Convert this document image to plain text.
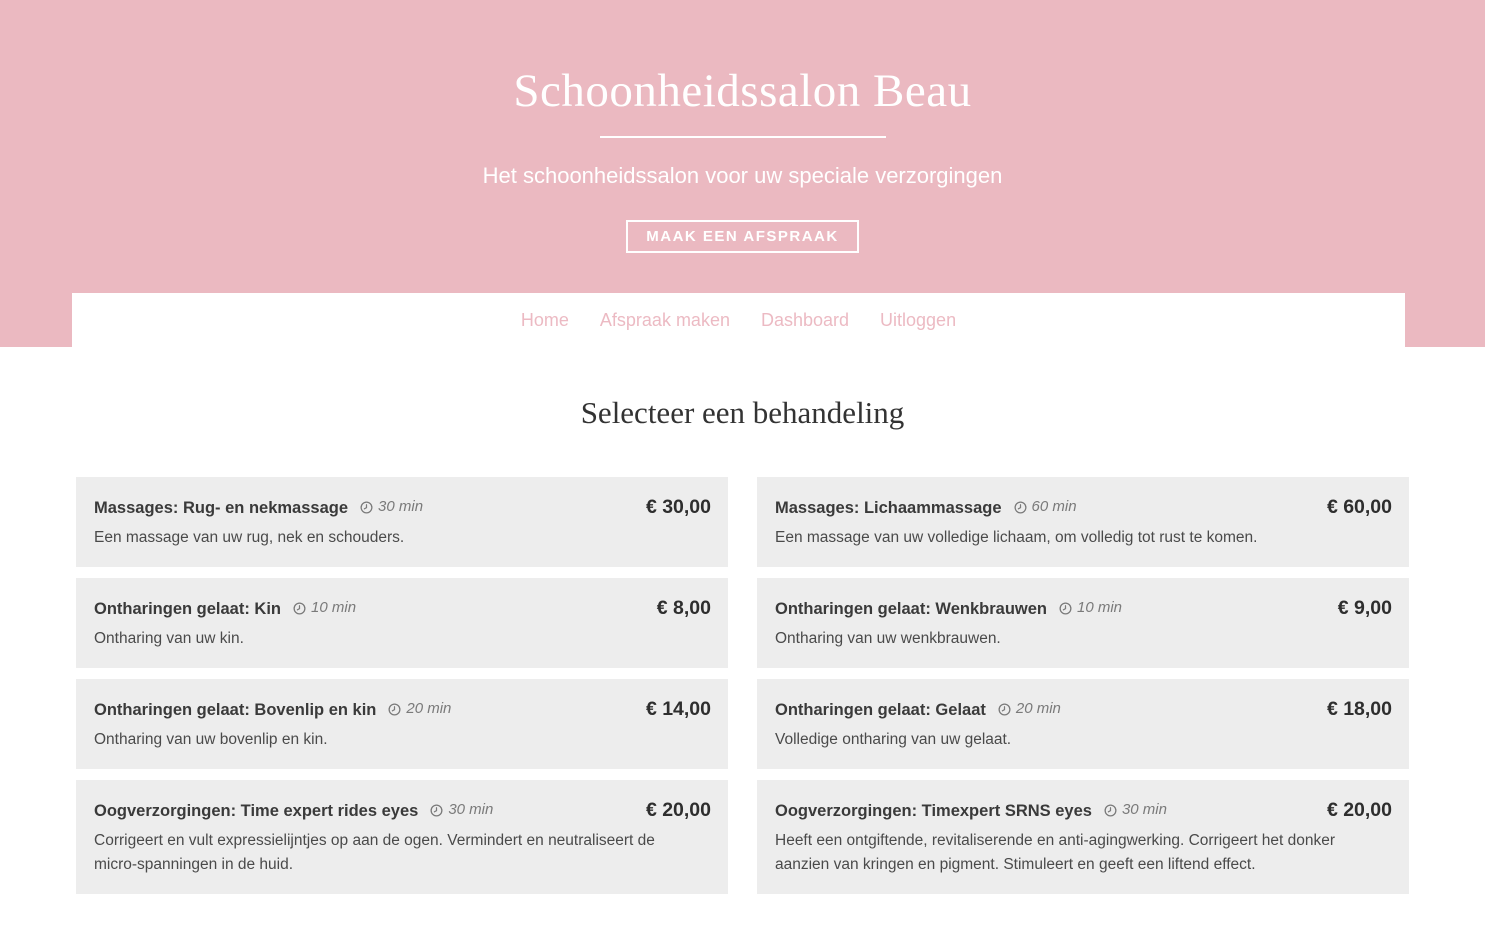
Schoonheidssalon Beau

Het schoonheidssalon voor uw speciale verzorgingen

MAAK EEN AFSPRAAK
Home Afspraak maken Dashboard Uitloggen
Selecteer een behandeling
Massages: Rug- en nekmassage 30 min	€ 30,00

Een massage van uw rug, nek en schouders.

Massages: Lichaammassage 60 min	€ 60,00

Een massage van uw volledige lichaam, om volledig tot rust te komen.

Ontharingen gelaat: Kin 10 min	€ 8,00

Ontharing van uw kin.

Ontharingen gelaat: Wenkbrauwen 10 min	€ 9,00

Ontharing van uw wenkbrauwen.

Ontharingen gelaat: Bovenlip en kin 20 min	€ 14,00

Ontharing van uw bovenlip en kin.

Ontharingen gelaat: Gelaat 20 min	€ 18,00

Volledige ontharing van uw gelaat.

Oogverzorgingen: Time expert rides eyes 30 min	€ 20,00

Corrigeert en vult expressielijntjes op aan de ogen. Vermindert en neutraliseert de micro-spanningen in de huid.

Oogverzorgingen: Timexpert SRNS eyes 30 min	€ 20,00

Heeft een ontgiftende, revitaliserende en anti-agingwerking. Corrigeert het donker aanzien van kringen en pigment. Stimuleert en geeft een liftend effect.
